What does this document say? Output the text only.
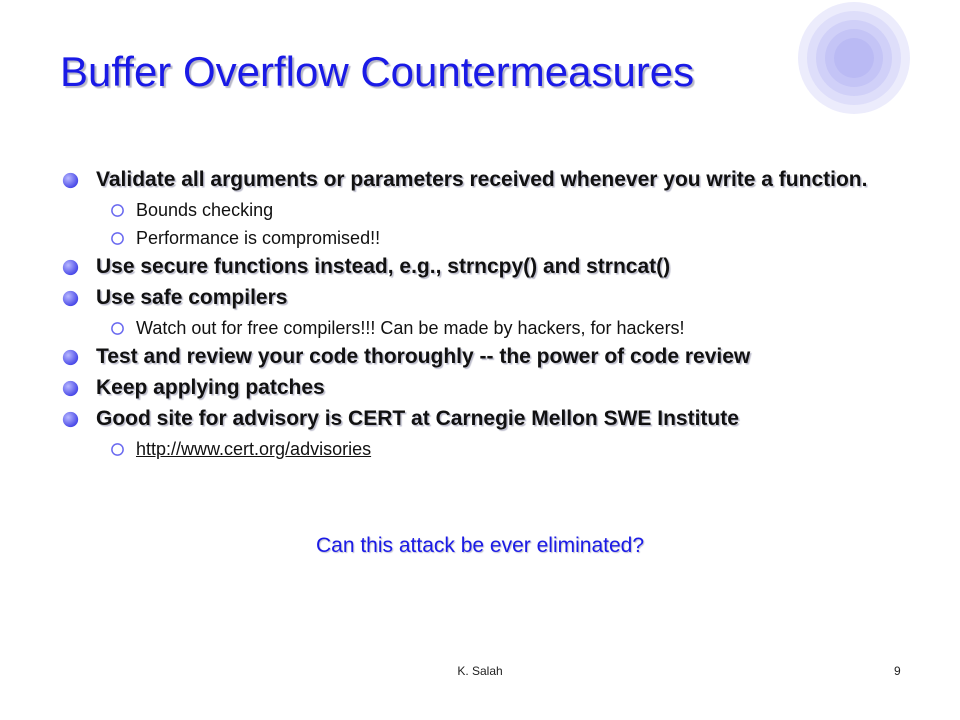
Buffer Overflow Countermeasures
Validate all arguments or parameters received whenever you write a function.
Bounds checking
Performance is compromised!!
Use secure functions instead, e.g., strncpy() and strncat()
Use safe compilers
Watch out for free compilers!!! Can be made by hackers, for hackers!
Test and review your code thoroughly -- the power of code review
Keep applying patches
Good site for advisory is CERT at Carnegie Mellon SWE Institute
http://www.cert.org/advisories
Can this attack be ever eliminated?
K. Salah	9
